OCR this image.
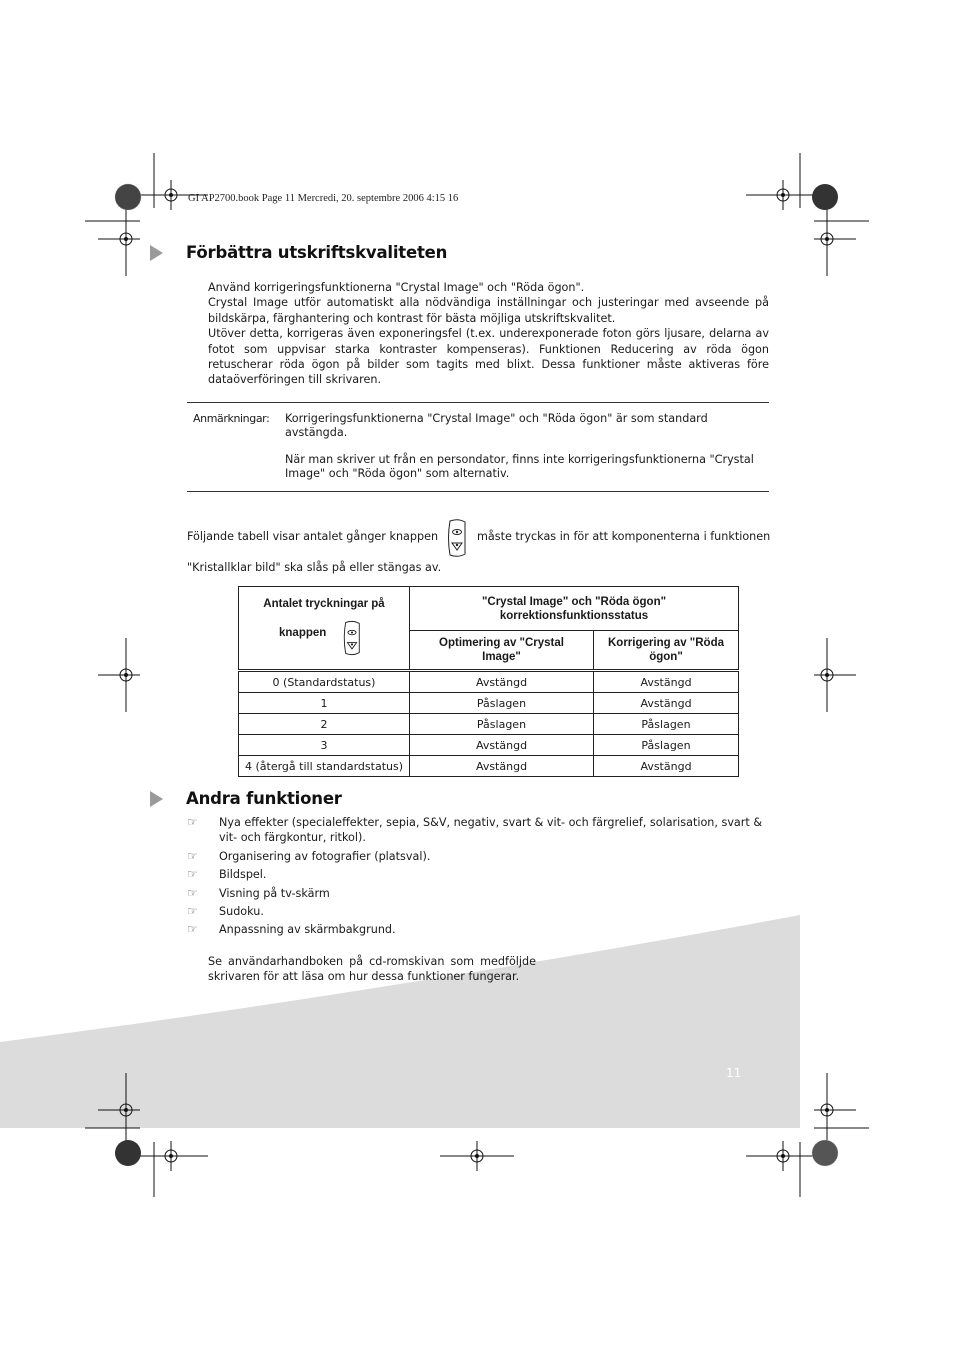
GI AP2700.book Page 11 Mercredi, 20. septembre 2006 4:15 16
Förbättra utskriftskvaliteten

Använd korrigeringsfunktionerna "Crystal Image" och "Röda ögon".

Crystal Image utför automatiskt alla nödvändiga inställningar och justeringar med avseende på bildskärpa, färghantering och kontrast för bästa möjliga utskriftskvalitet.

Utöver detta, korrigeras även exponeringsfel (t.ex. underexponerade foton görs ljusare, delarna av fotot som uppvisar starka kontraster kompenseras). Funktionen Reducering av röda ögon retuscherar röda ögon på bilder som tagits med blixt. Dessa funktioner måste aktiveras före dataöverföringen till skrivaren.

Anmärkningar: Korrigeringsfunktionerna "Crystal Image" och "Röda ögon" är som standard avstängda.
När man skriver ut från en persondator, finns inte korrigeringsfunktionerna "Crystal Image" och "Röda ögon" som alternativ.
Följande tabell visar antalet gånger knappen	måste tryckas in för att komponenterna i funktionen
"Kristallklar bild" ska slås på eller stängas av.
Antalet tryckningar på
knappen	"Crystal Image" och "Röda ögon" korrektionsfunktionsstatus	
	Optimering av "Crystal Image"	Korrigering av "Röda ögon"
0 (Standardstatus)	Avstängd	Avstängd
1	Påslagen	Avstängd
2	Påslagen	Påslagen
3	Avstängd	Påslagen
4 (återgå till standardstatus)	Avstängd	Avstängd
Andra funktioner
☞	Nya effekter (specialeffekter, sepia, S&V, negativ, svart & vit- och färgrelief, solarisation, svart & vit- och färgkontur, ritkol).
☞	Organisering av fotografier (platsval).
☞	Bildspel.
☞	Visning på tv-skärm
☞	Sudoku.
☞	Anpassning av skärmbakgrund.
Se användarhandboken på cd-romskivan som medföljde skrivaren för att läsa om hur dessa funktioner fungerar.
11
